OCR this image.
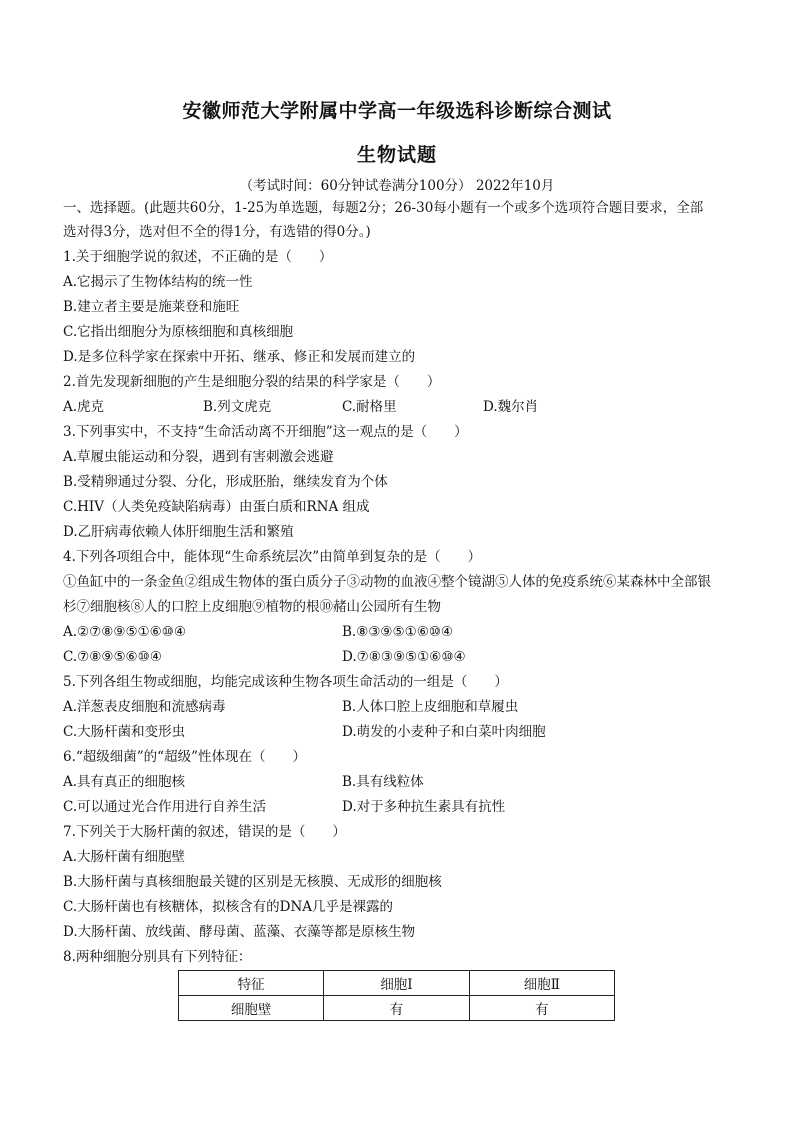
安徽师范大学附属中学高一年级选科诊断综合测试
生物试题
（考试时间：60分钟试卷满分100分） 2022年10月
一、选择题。(此题共60分，1-25为单选题，每题2分；26-30每小题有一个或多个选项符合题目要求，全部
选对得3分，选对但不全的得1分，有选错的得0分。)
1.关于细胞学说的叙述，不正确的是（　　）
A.它揭示了生物体结构的统一性
B.建立者主要是施莱登和施旺
C.它指出细胞分为原核细胞和真核细胞
D.是多位科学家在探索中开拓、继承、修正和发展而建立的
2.首先发现新细胞的产生是细胞分裂的结果的科学家是（　　）
A.虎克	B.列文虎克	C.耐格里	D.魏尔肖
3.下列事实中，不支持“生命活动离不开细胞”这一观点的是（　　）
A.草履虫能运动和分裂，遇到有害刺激会逃避
B.受精卵通过分裂、分化，形成胚胎，继续发育为个体
C.HIV（人类免疫缺陷病毒）由蛋白质和RNA 组成
D.乙肝病毒依赖人体肝细胞生活和繁殖
4.下列各项组合中，能体现“生命系统层次”由简单到复杂的是（　　）
①鱼缸中的一条金鱼②组成生物体的蛋白质分子③动物的血液④整个镜湖⑤人体的免疫系统⑥某森林中全部银
杉⑦细胞核⑧人的口腔上皮细胞⑨植物的根⑩赭山公园所有生物
A.②⑦⑧⑨⑤①⑥⑩④	B.⑧③⑨⑤①⑥⑩④
C.⑦⑧⑨⑤⑥⑩④	D.⑦⑧③⑨⑤①⑥⑩④
5.下列各组生物或细胞，均能完成该种生物各项生命活动的一组是（　　）
A.洋葱表皮细胞和流感病毒	B.人体口腔上皮细胞和草履虫
C.大肠杆菌和变形虫	D.萌发的小麦种子和白菜叶肉细胞
6.“超级细菌”的“超级”性体现在（　　）
A.具有真正的细胞核	B.具有线粒体
C.可以通过光合作用进行自养生活	D.对于多种抗生素具有抗性
7.下列关于大肠杆菌的叙述，错误的是（　　）
A.大肠杆菌有细胞壁
B.大肠杆菌与真核细胞最关键的区别是无核膜、无成形的细胞核
C.大肠杆菌也有核糖体，拟核含有的DNA几乎是裸露的
D.大肠杆菌、放线菌、酵母菌、蓝藻、衣藻等都是原核生物
8.两种细胞分别具有下列特征：
特征	细胞Ⅰ	细胞Ⅱ
细胞壁	有	有
